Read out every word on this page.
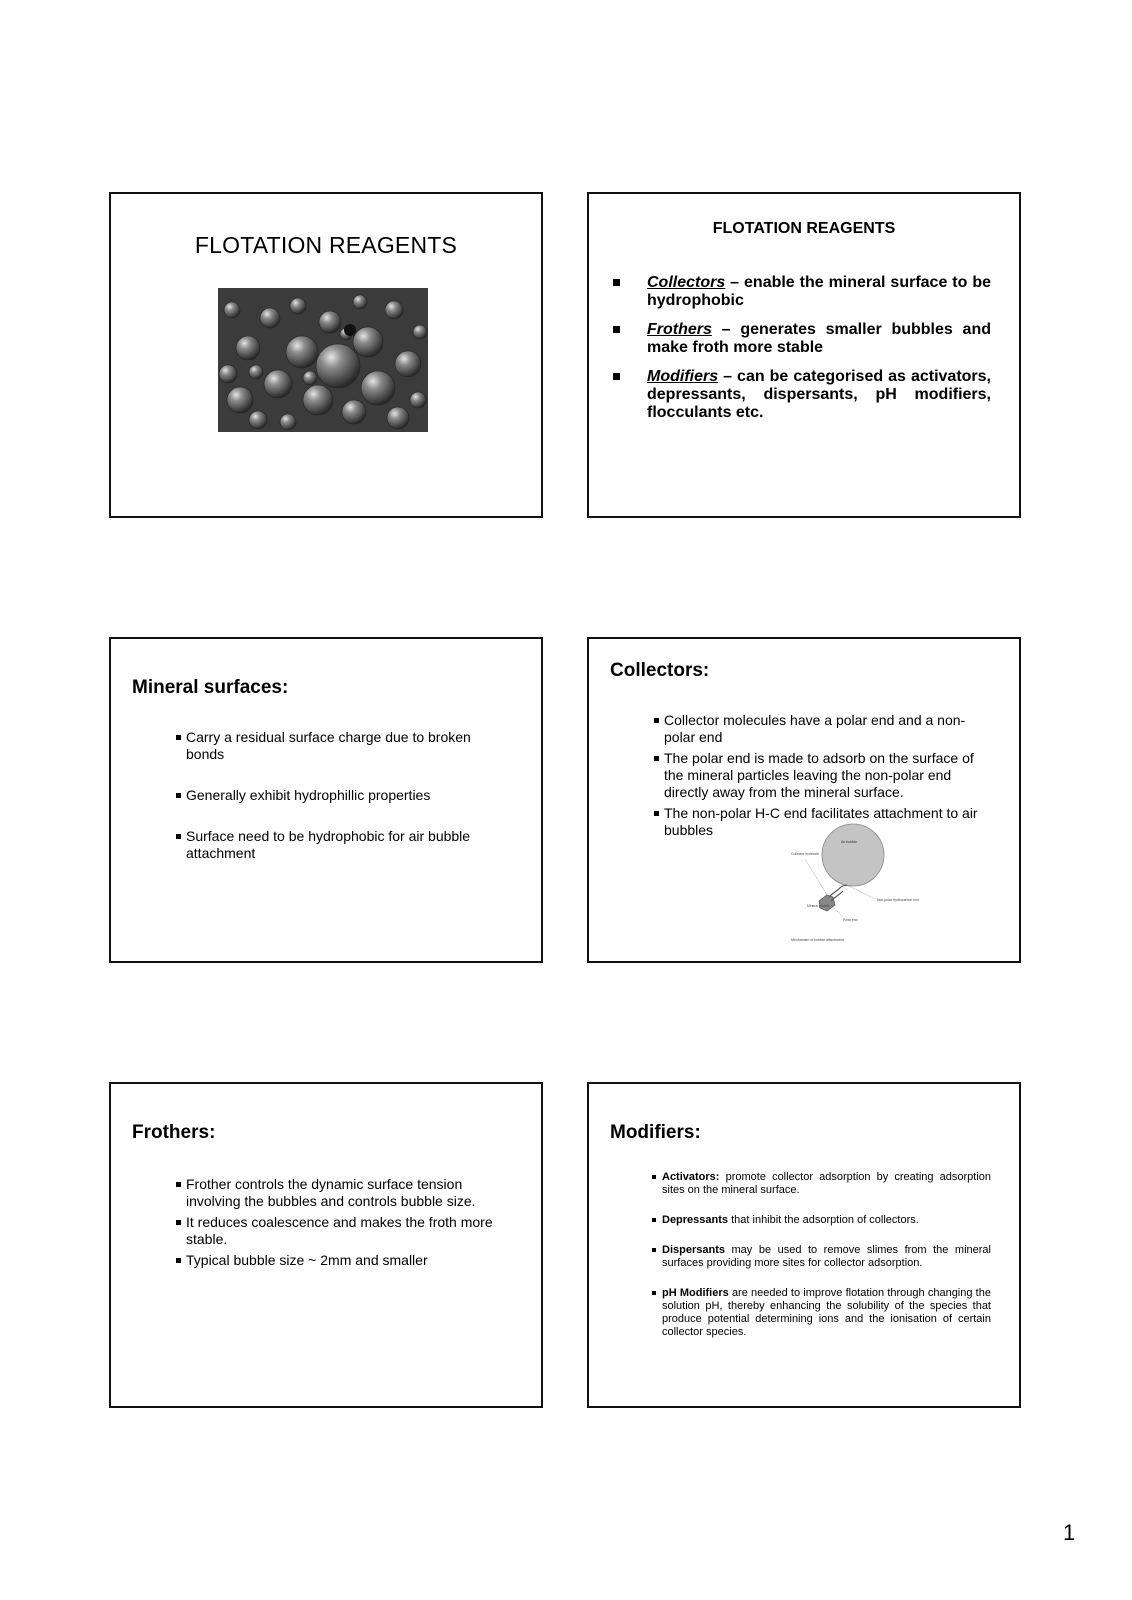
FLOTATION REAGENTS
FLOTATION REAGENTS
Collectors – enable the mineral surface to be hydrophobic
Frothers – generates smaller bubbles and make froth more stable
Modifiers – can be categorised as activators, depressants, dispersants, pH modifiers, flocculants etc.
Mineral surfaces:
Carry a residual surface charge due to broken bonds
Generally exhibit hydrophillic properties
Surface need to be hydrophobic for air bubble attachment
Collectors:
Collector molecules have a polar end and a non-polar end
The polar end is made to adsorb on the surface of the mineral particles leaving the non-polar end directly away from the mineral surface.
The non-polar H-C end facilitates attachment to air bubbles
Air bubble
Collector molecule
Mineral particle
Non-polar Hydrocarbon end
Polar end
Mechanism of bubble attachment
Frothers:
Frother controls the dynamic surface tension involving the bubbles and controls bubble size.
It reduces coalescence and makes the froth more stable.
Typical bubble size ~ 2mm and smaller
Modifiers:
Activators: promote collector adsorption by creating adsorption sites on the mineral surface.
Depressants that inhibit the adsorption of collectors.
Dispersants may be used to remove slimes from the mineral surfaces providing more sites for collector adsorption.
pH Modifiers are needed to improve flotation through changing the solution pH, thereby enhancing the solubility of the species that produce potential determining ions and the ionisation of certain collector species.
1
